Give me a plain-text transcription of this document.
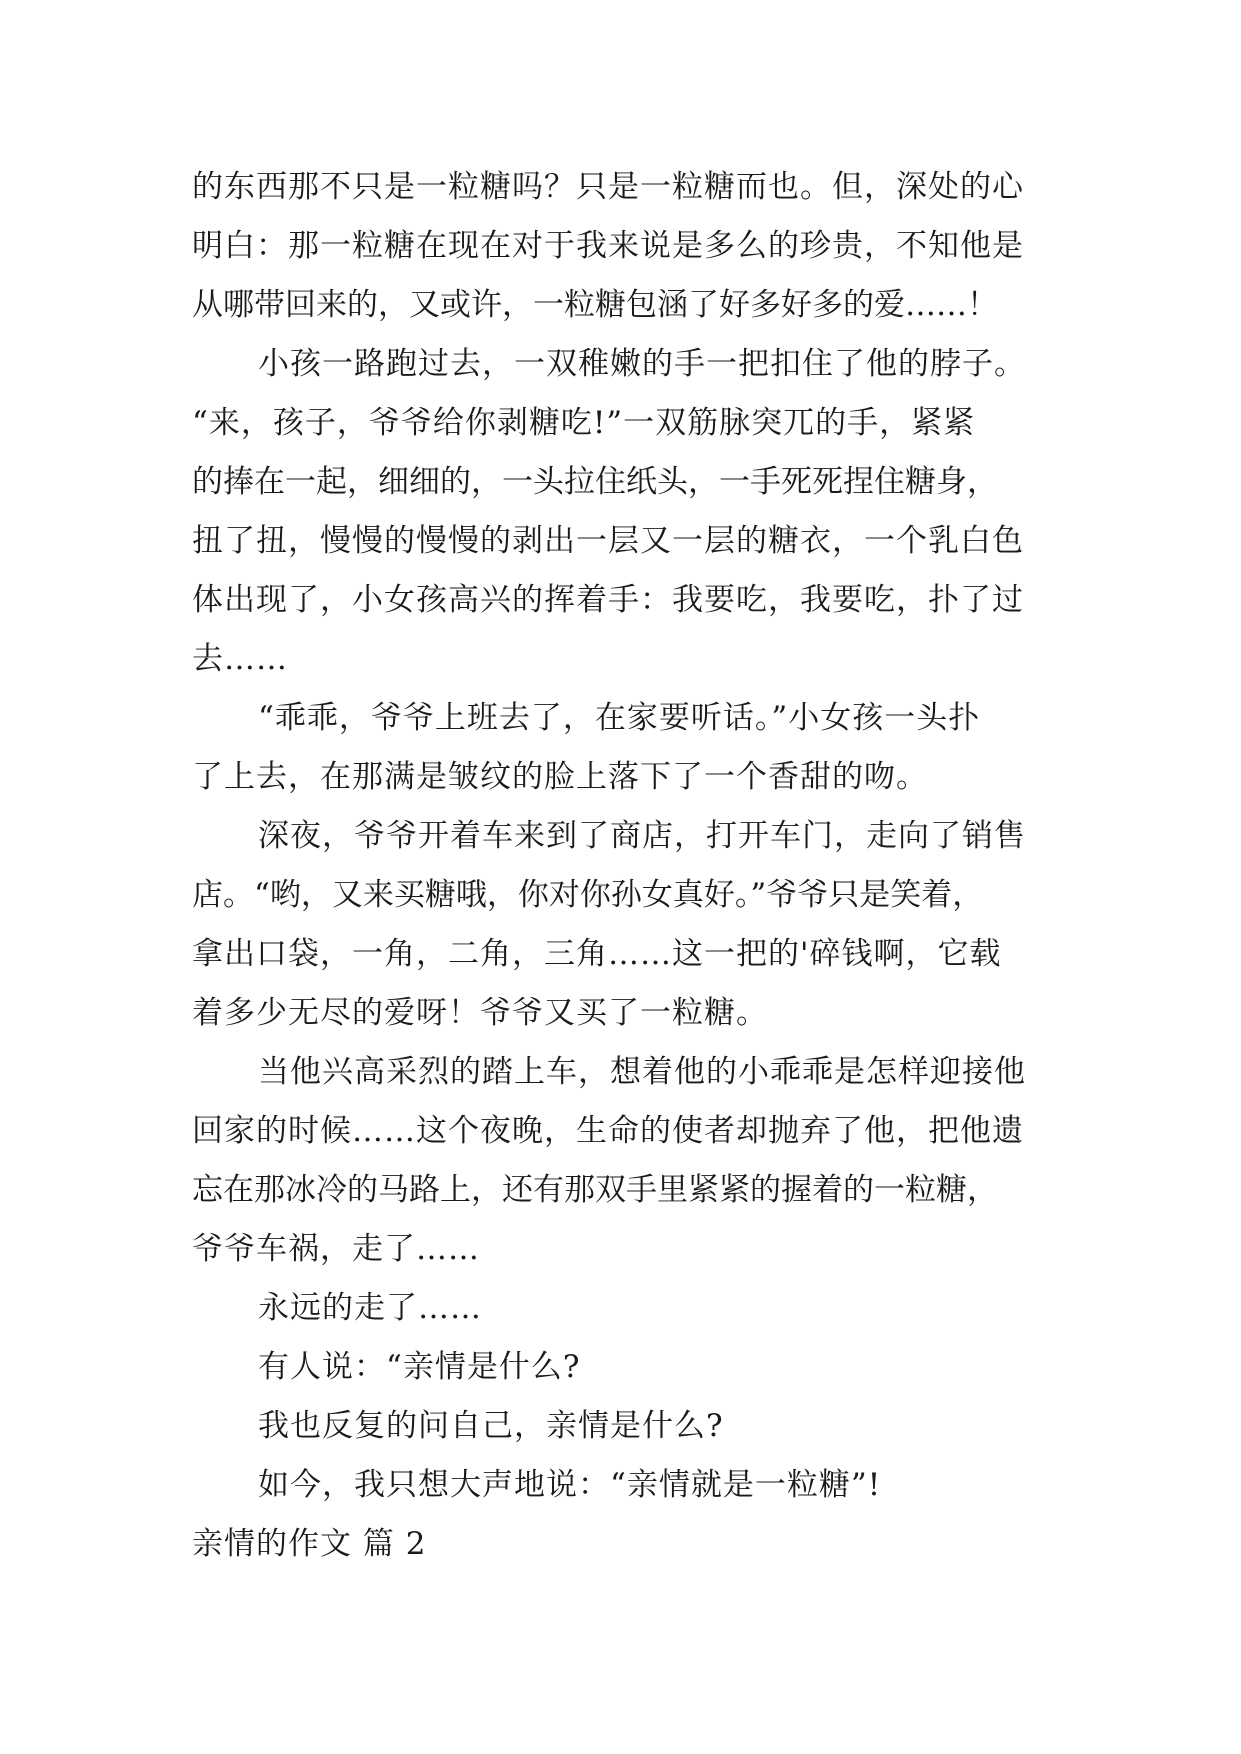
的东西那不只是一粒糖吗？只是一粒糖而也。但，深处的心
明白：那一粒糖在现在对于我来说是多么的珍贵，不知他是
从哪带回来的，又或许，一粒糖包涵了好多好多的爱……！
小孩一路跑过去，一双稚嫩的手一把扣住了他的脖子。
“来，孩子，爷爷给你剥糖吃!”一双筋脉突兀的手，紧紧
的捧在一起，细细的，一头拉住纸头，一手死死捏住糖身，
扭了扭，慢慢的慢慢的剥出一层又一层的糖衣，一个乳白色
体出现了，小女孩高兴的挥着手：我要吃，我要吃，扑了过
去……
“乖乖，爷爷上班去了，在家要听话。”小女孩一头扑
了上去，在那满是皱纹的脸上落下了一个香甜的吻。
深夜，爷爷开着车来到了商店，打开车门，走向了销售
店。“哟，又来买糖哦，你对你孙女真好。”爷爷只是笑着，
拿出口袋，一角，二角，三角……这一把的'碎钱啊，它载
着多少无尽的爱呀！爷爷又买了一粒糖。
当他兴高采烈的踏上车，想着他的小乖乖是怎样迎接他
回家的时候……这个夜晚，生命的使者却抛弃了他，把他遗
忘在那冰冷的马路上，还有那双手里紧紧的握着的一粒糖，
爷爷车祸，走了……
永远的走了……
有人说：“亲情是什么?
我也反复的问自己，亲情是什么?
如今，我只想大声地说：“亲情就是一粒糖”!
亲情的作文 篇 2
